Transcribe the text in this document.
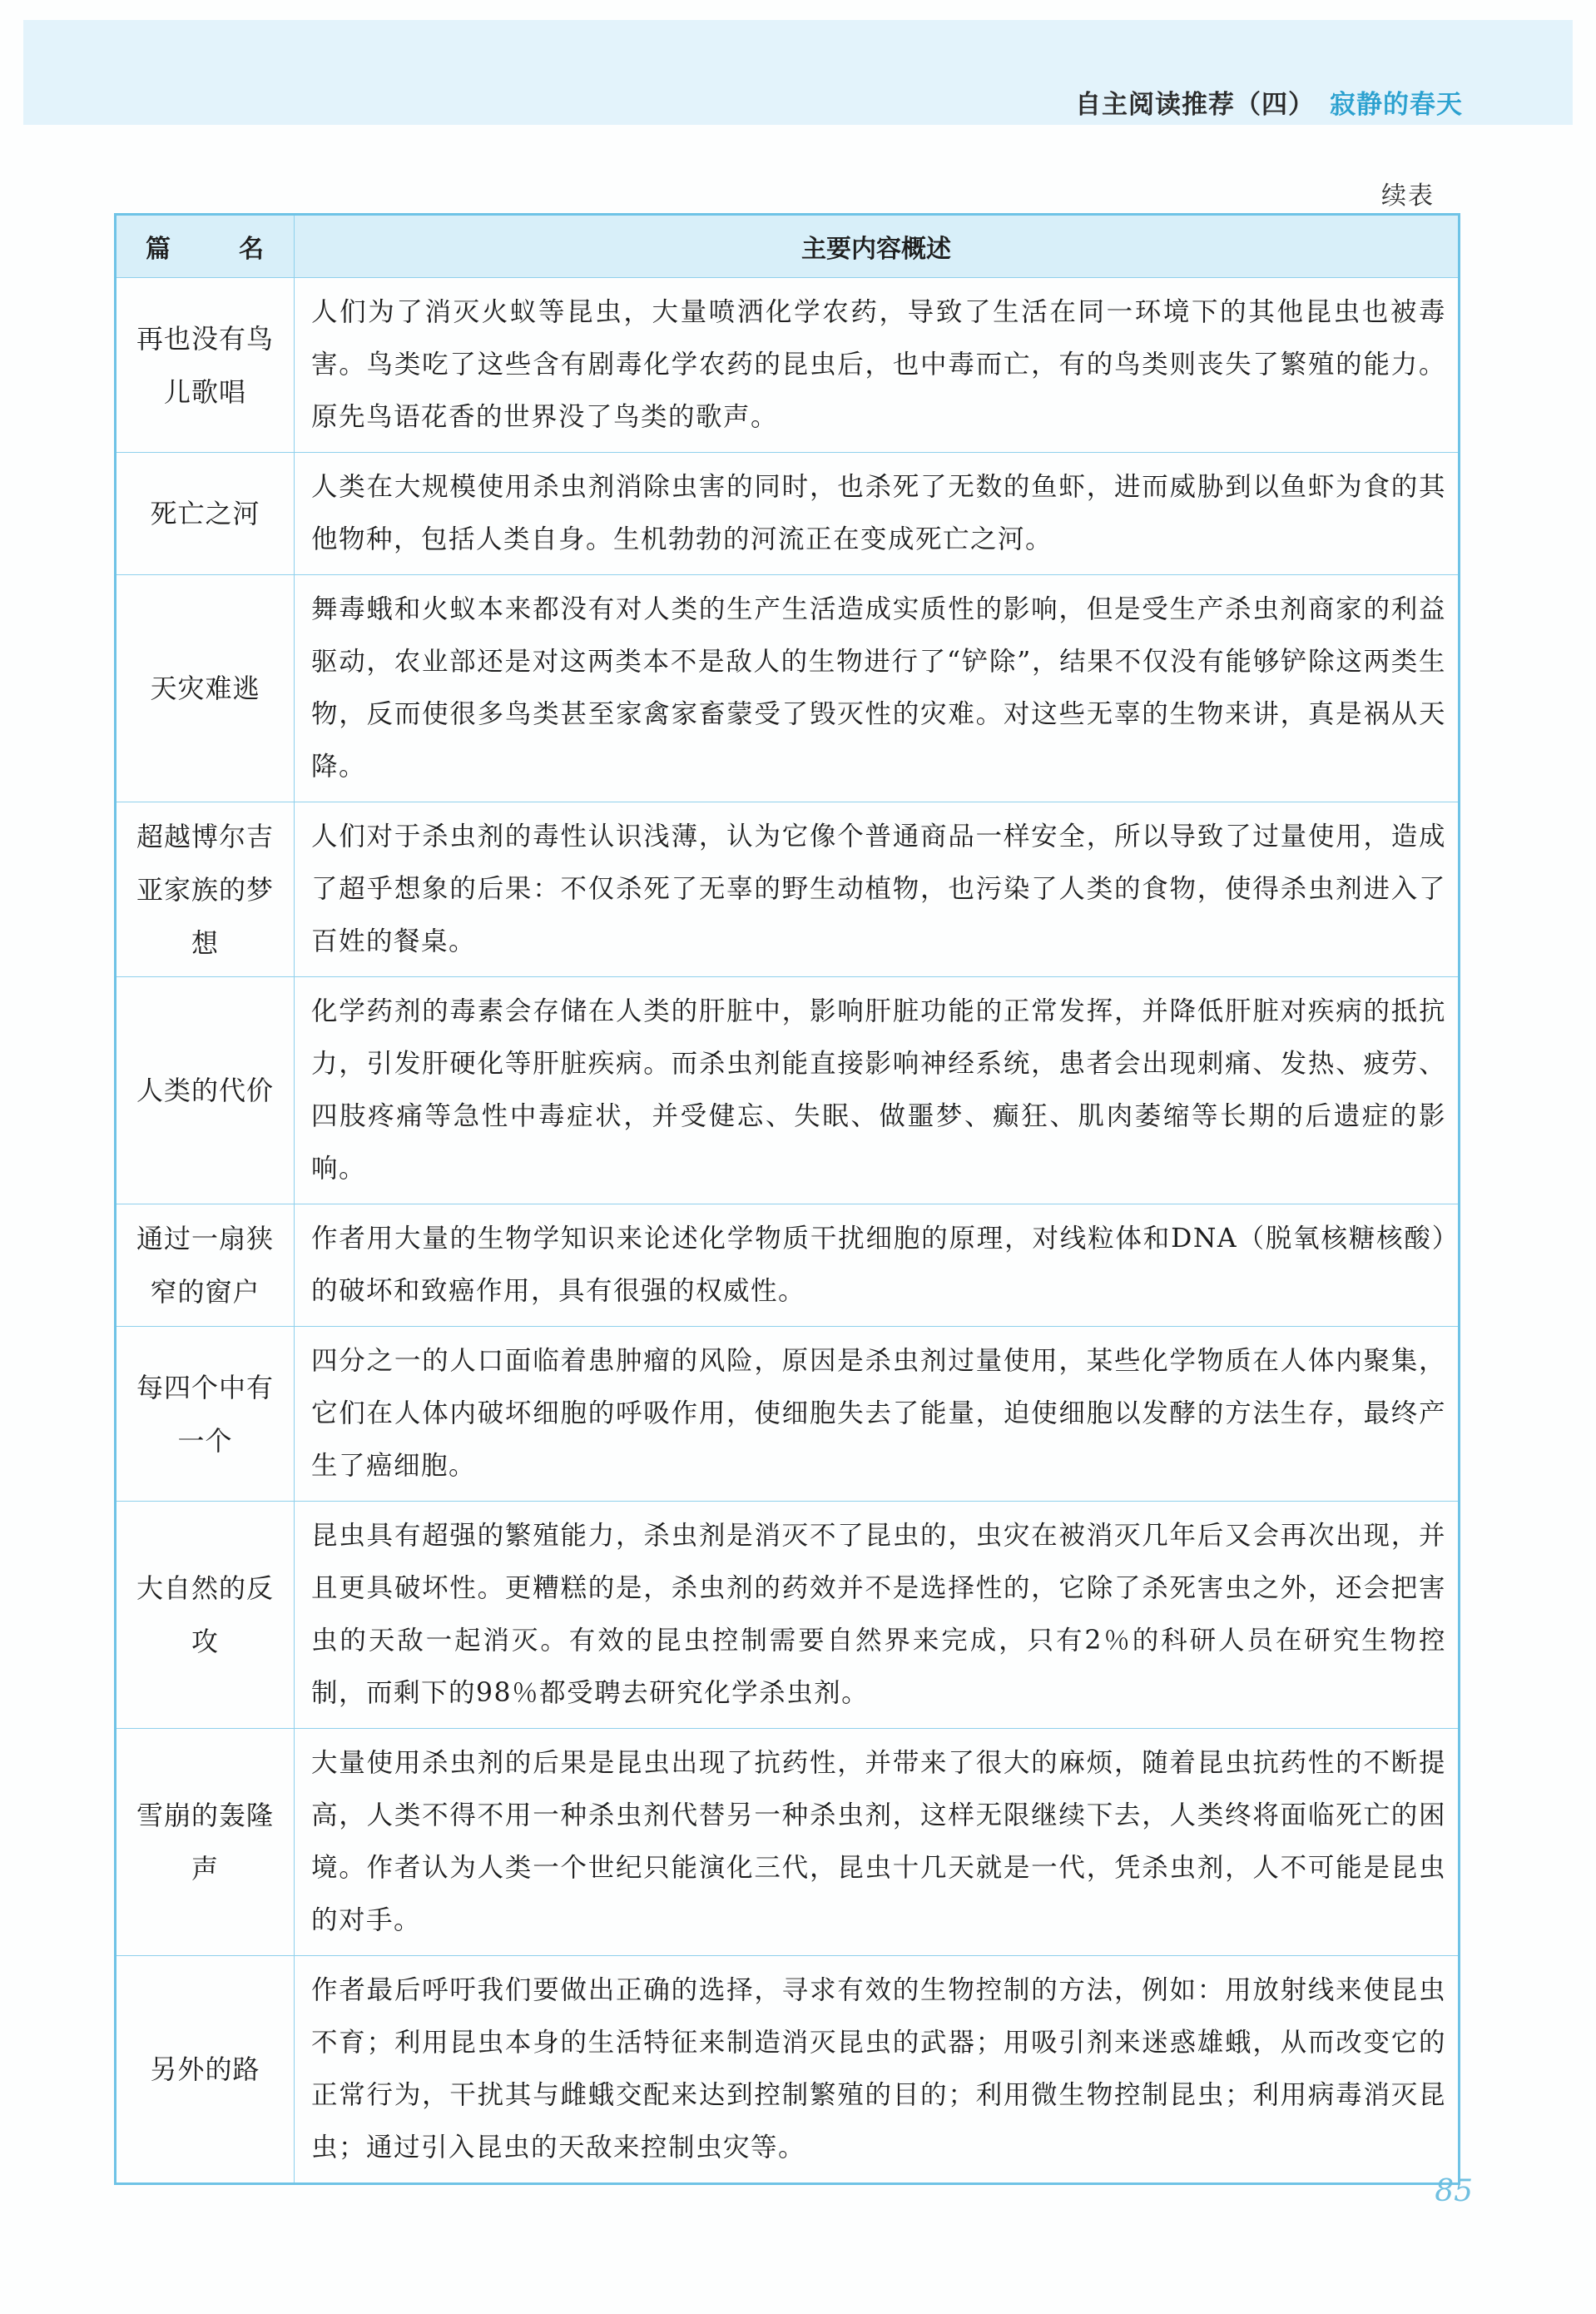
自主阅读推荐（四） 寂静的春天
续表
篇　名	主要内容概述
再也没有鸟儿歌唱	人们为了消灭火蚁等昆虫，大量喷洒化学农药，导致了生活在同一环境下的其他昆虫也被毒害。鸟类吃了这些含有剧毒化学农药的昆虫后，也中毒而亡，有的鸟类则丧失了繁殖的能力。原先鸟语花香的世界没了鸟类的歌声。
死亡之河	人类在大规模使用杀虫剂消除虫害的同时，也杀死了无数的鱼虾，进而威胁到以鱼虾为食的其他物种，包括人类自身。生机勃勃的河流正在变成死亡之河。
天灾难逃	舞毒蛾和火蚁本来都没有对人类的生产生活造成实质性的影响，但是受生产杀虫剂商家的利益驱动，农业部还是对这两类本不是敌人的生物进行了“铲除”，结果不仅没有能够铲除这两类生物，反而使很多鸟类甚至家禽家畜蒙受了毁灭性的灾难。对这些无辜的生物来讲，真是祸从天降。
超越博尔吉亚家族的梦想	人们对于杀虫剂的毒性认识浅薄，认为它像个普通商品一样安全，所以导致了过量使用，造成了超乎想象的后果：不仅杀死了无辜的野生动植物，也污染了人类的食物，使得杀虫剂进入了百姓的餐桌。
人类的代价	化学药剂的毒素会存储在人类的肝脏中，影响肝脏功能的正常发挥，并降低肝脏对疾病的抵抗力，引发肝硬化等肝脏疾病。而杀虫剂能直接影响神经系统，患者会出现刺痛、发热、疲劳、四肢疼痛等急性中毒症状，并受健忘、失眠、做噩梦、癫狂、肌肉萎缩等长期的后遗症的影响。
通过一扇狭窄的窗户	作者用大量的生物学知识来论述化学物质干扰细胞的原理，对线粒体和DNA（脱氧核糖核酸）的破坏和致癌作用，具有很强的权威性。
每四个中有一个	四分之一的人口面临着患肿瘤的风险，原因是杀虫剂过量使用，某些化学物质在人体内聚集，它们在人体内破坏细胞的呼吸作用，使细胞失去了能量，迫使细胞以发酵的方法生存，最终产生了癌细胞。
大自然的反攻	昆虫具有超强的繁殖能力，杀虫剂是消灭不了昆虫的，虫灾在被消灭几年后又会再次出现，并且更具破坏性。更糟糕的是，杀虫剂的药效并不是选择性的，它除了杀死害虫之外，还会把害虫的天敌一起消灭。有效的昆虫控制需要自然界来完成，只有2％的科研人员在研究生物控制，而剩下的98％都受聘去研究化学杀虫剂。
雪崩的轰隆声	大量使用杀虫剂的后果是昆虫出现了抗药性，并带来了很大的麻烦，随着昆虫抗药性的不断提高，人类不得不用一种杀虫剂代替另一种杀虫剂，这样无限继续下去，人类终将面临死亡的困境。作者认为人类一个世纪只能演化三代，昆虫十几天就是一代，凭杀虫剂，人不可能是昆虫的对手。
另外的路	作者最后呼吁我们要做出正确的选择，寻求有效的生物控制的方法，例如：用放射线来使昆虫不育；利用昆虫本身的生活特征来制造消灭昆虫的武器；用吸引剂来迷惑雄蛾，从而改变它的正常行为，干扰其与雌蛾交配来达到控制繁殖的目的；利用微生物控制昆虫；利用病毒消灭昆虫；通过引入昆虫的天敌来控制虫灾等。
85
